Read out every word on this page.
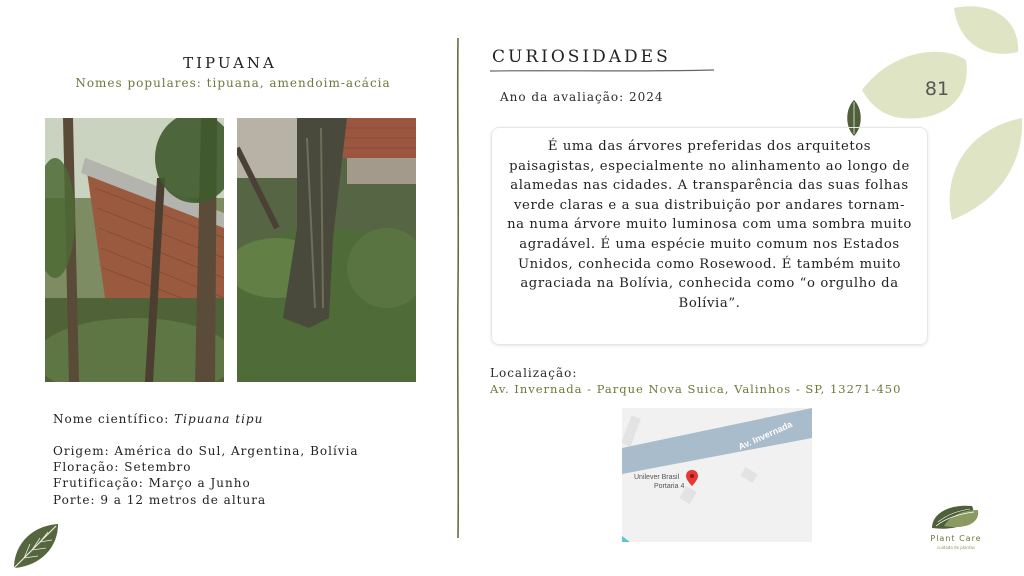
TIPUANA
Nomes populares: tipuana, amendoim-acácia
Nome científico: Tipuana tipu
Origem: América do Sul, Argentina, Bolívia
Floração: Setembro
Frutificação: Março a Junho
Porte: 9 a 12 metros de altura
CURIOSIDADES
Ano da avaliação: 2024
É uma das árvores preferidas dos arquitetos paisagistas, especialmente no alinhamento ao longo de alamedas nas cidades. A transparência das suas folhas verde claras e a sua distribuição por andares tornam-na numa árvore muito luminosa com uma sombra muito agradável. É uma espécie muito comum nos Estados Unidos, conhecida como Rosewood. É também muito agraciada na Bolívia, conhecida como “o orgulho da Bolívia”.
Localização:
Av. Invernada - Parque Nova Suica, Valinhos - SP, 13271-450
Av. Invernada
Unilever Brasil
Portaria 4
81
Plant Care
cuidado de plantas
